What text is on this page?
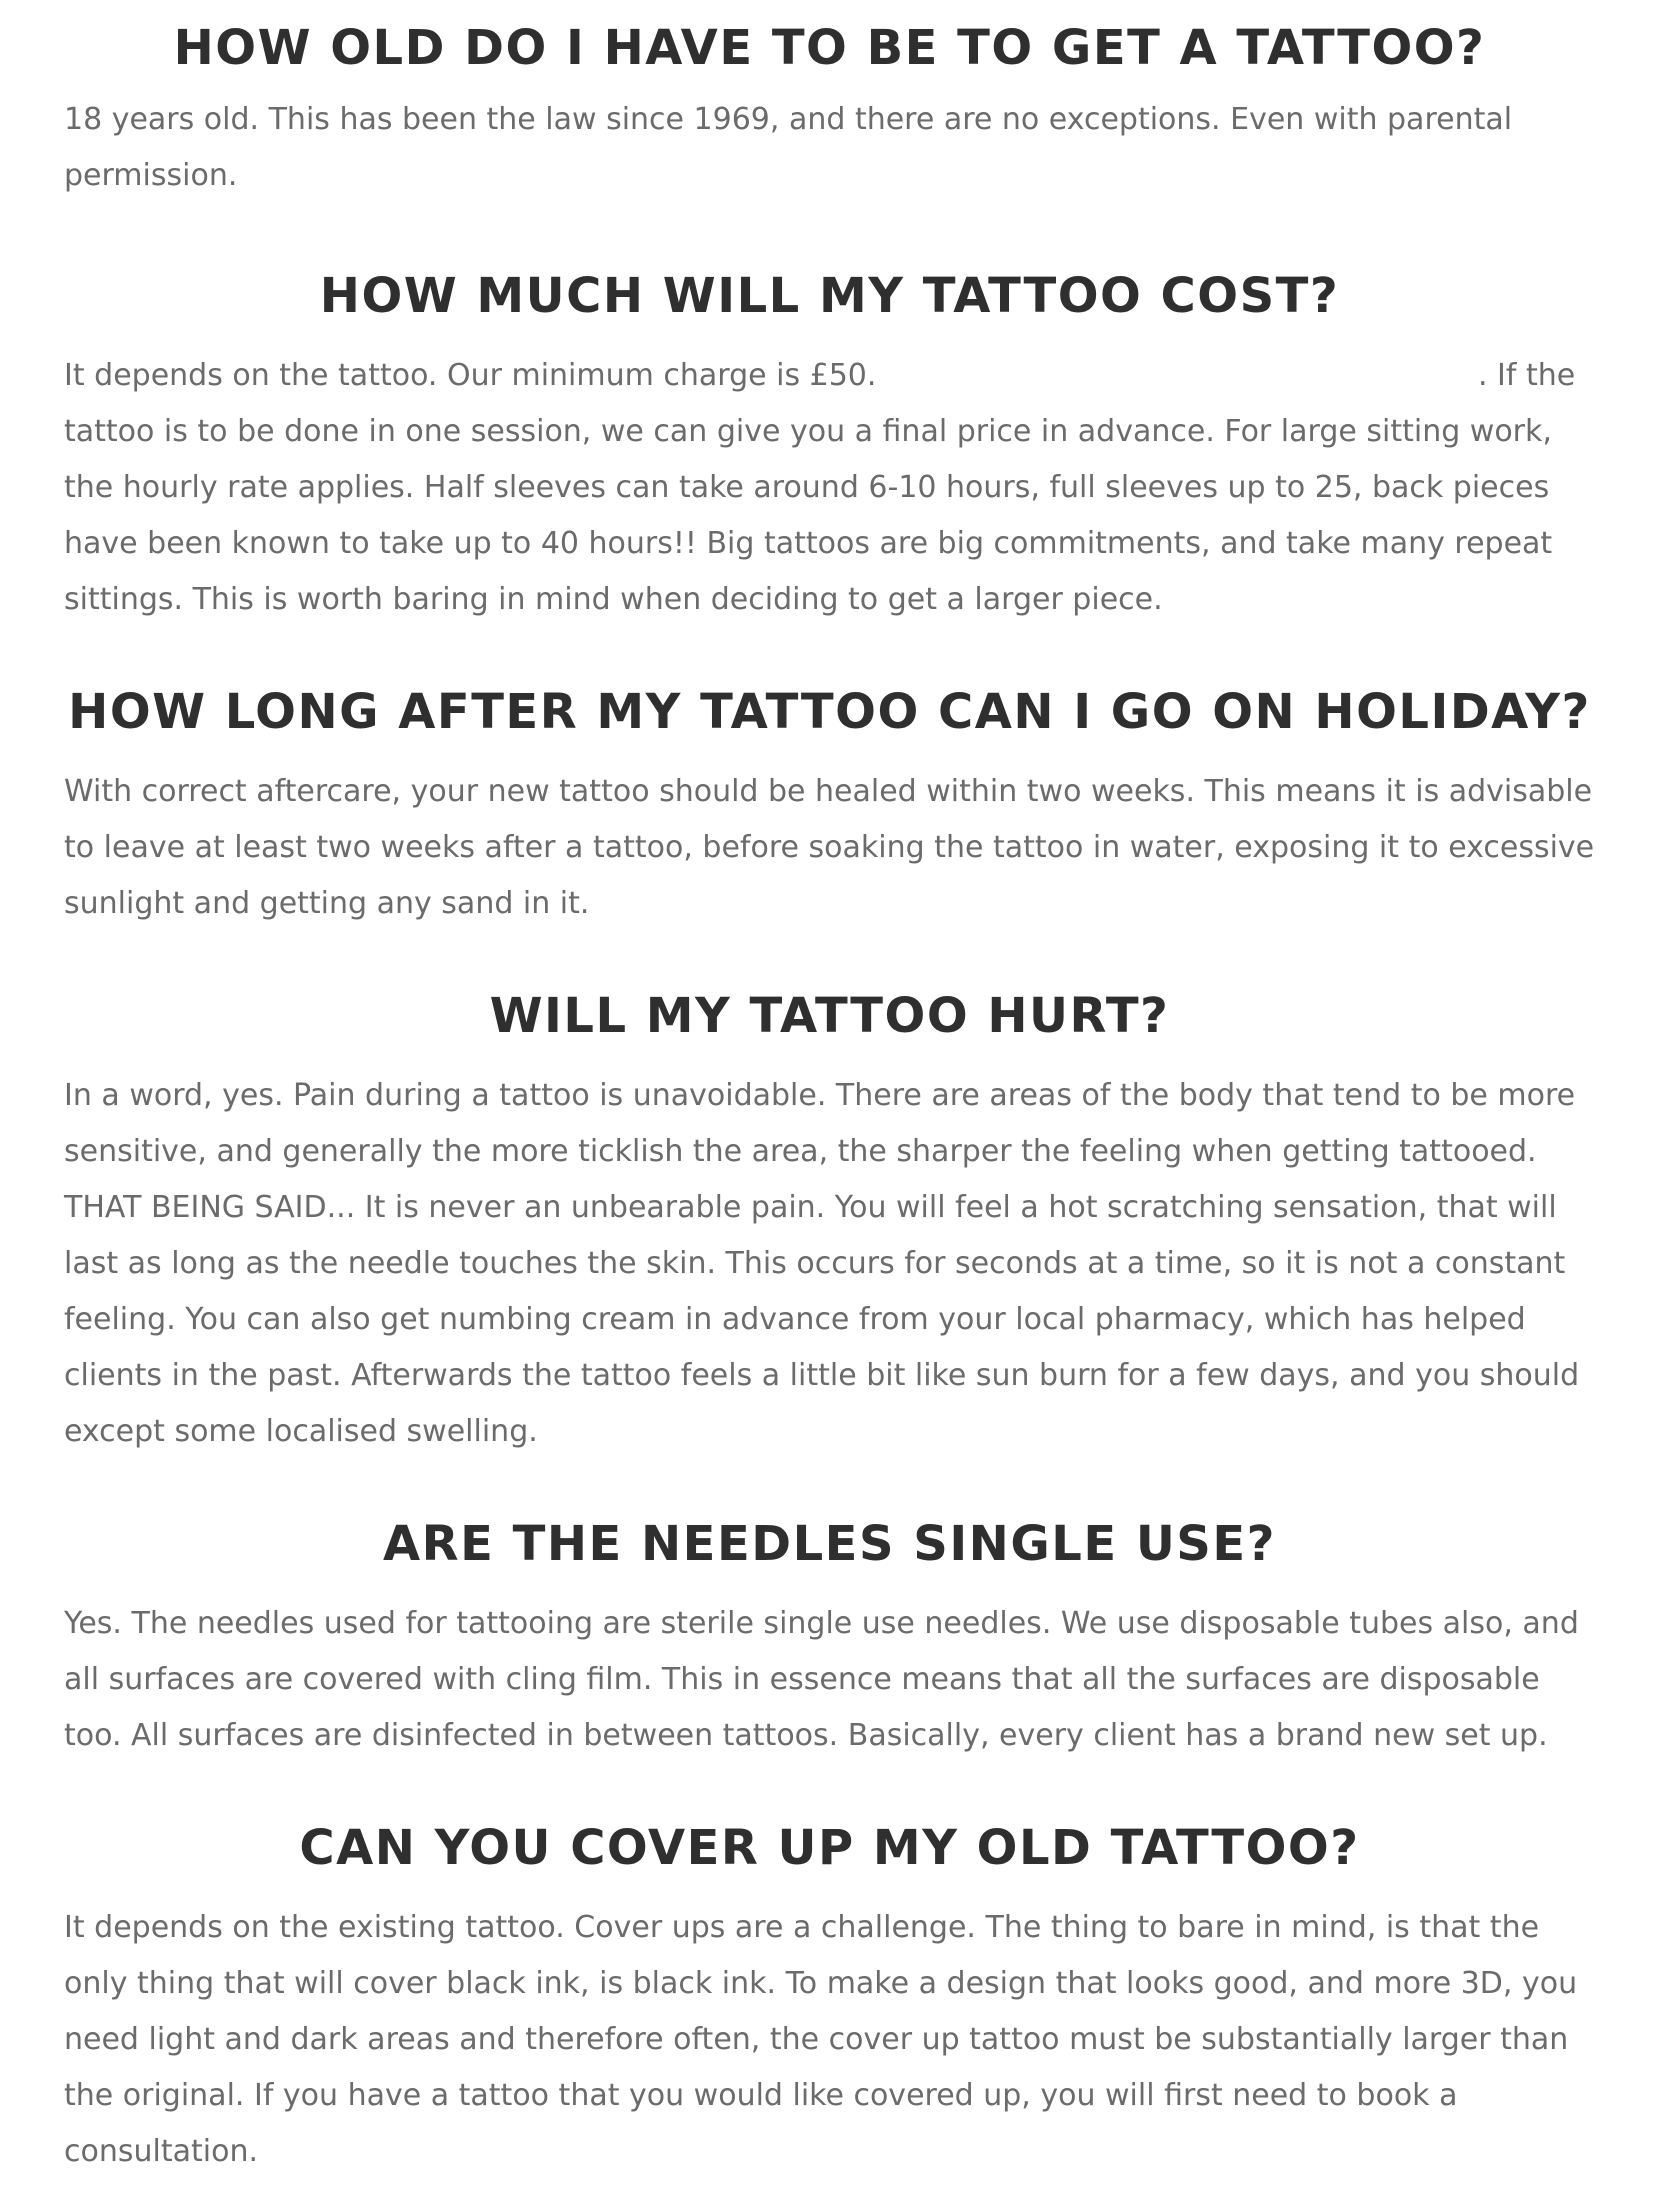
HOW OLD DO I HAVE TO BE TO GET A TATTOO?

18 years old. This has been the law since 1969, and there are no exceptions. Even with parental permission.

HOW MUCH WILL MY TATTOO COST?

It depends on the tattoo. Our minimum charge is £50.	. If the tattoo is to be done in one session, we can give you a final price in advance. For large sitting work, the hourly rate applies. Half sleeves can take around 6-10 hours, full sleeves up to 25, back pieces have been known to take up to 40 hours!! Big tattoos are big commitments, and take many repeat sittings. This is worth baring in mind when deciding to get a larger piece.

HOW LONG AFTER MY TATTOO CAN I GO ON HOLIDAY?

With correct aftercare, your new tattoo should be healed within two weeks. This means it is advisable to leave at least two weeks after a tattoo, before soaking the tattoo in water, exposing it to excessive sunlight and getting any sand in it.

WILL MY TATTOO HURT?

In a word, yes. Pain during a tattoo is unavoidable. There are areas of the body that tend to be more sensitive, and generally the more ticklish the area, the sharper the feeling when getting tattooed. THAT BEING SAID... It is never an unbearable pain. You will feel a hot scratching sensation, that will last as long as the needle touches the skin. This occurs for seconds at a time, so it is not a constant feeling. You can also get numbing cream in advance from your local pharmacy, which has helped clients in the past. Afterwards the tattoo feels a little bit like sun burn for a few days, and you should except some localised swelling.

ARE THE NEEDLES SINGLE USE?

Yes. The needles used for tattooing are sterile single use needles. We use disposable tubes also, and all surfaces are covered with cling film. This in essence means that all the surfaces are disposable too. All surfaces are disinfected in between tattoos. Basically, every client has a brand new set up.

CAN YOU COVER UP MY OLD TATTOO?

It depends on the existing tattoo. Cover ups are a challenge. The thing to bare in mind, is that the only thing that will cover black ink, is black ink. To make a design that looks good, and more 3D, you need light and dark areas and therefore often, the cover up tattoo must be substantially larger than the original. If you have a tattoo that you would like covered up, you will first need to book a consultation.
